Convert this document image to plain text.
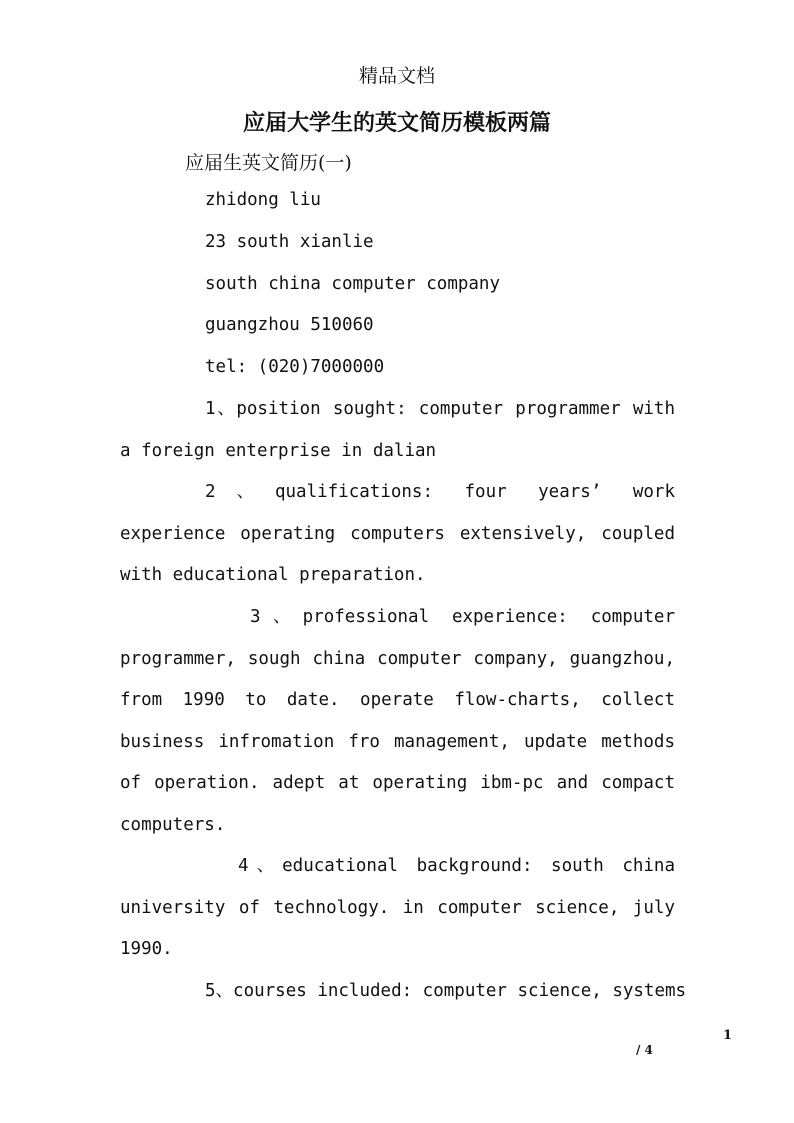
精品文档
应届大学生的英文简历模板两篇
应届生英文简历(一)
zhidong liu
23 south xianlie
south china computer company
guangzhou 510060
tel: (020)7000000
1、position sought: computer programmer with a foreign enterprise in dalian
2、qualifications: four years’ work experience operating computers extensively, coupled with educational preparation.
3、professional experience: computer programmer, sough china computer company, guangzhou, from 1990 to date. operate flow-charts, collect business infromation fro management, update methods of operation. adept at operating ibm-pc and compact computers.
4、educational background: south china university of technology. in computer science, july 1990.
5、courses included: computer science, systems
1
/ 4
